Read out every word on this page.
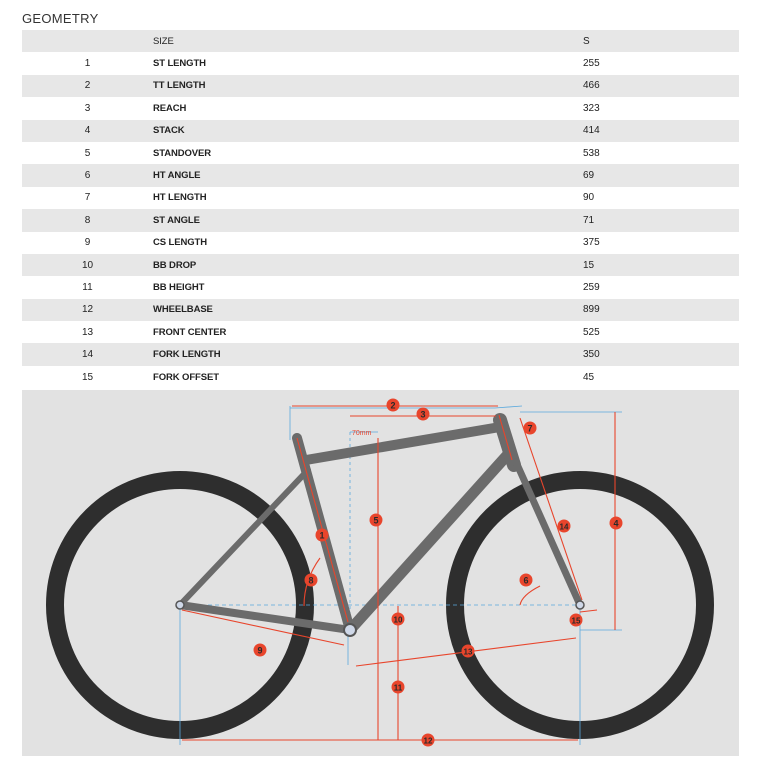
GEOMETRY
	SIZE	S
1	ST LENGTH	255
2	TT LENGTH	466
3	REACH	323
4	STACK	414
5	STANDOVER	538
6	HT ANGLE	69
7	HT LENGTH	90
8	ST ANGLE	71
9	CS LENGTH	375
10	BB DROP	15
11	BB HEIGHT	259
12	WHEELBASE	899
13	FRONT CENTER	525
14	FORK LENGTH	350
15	FORK OFFSET	45
70mm
1
2
3
4
5
6
7
8
9
10
11
12
13
14
15
